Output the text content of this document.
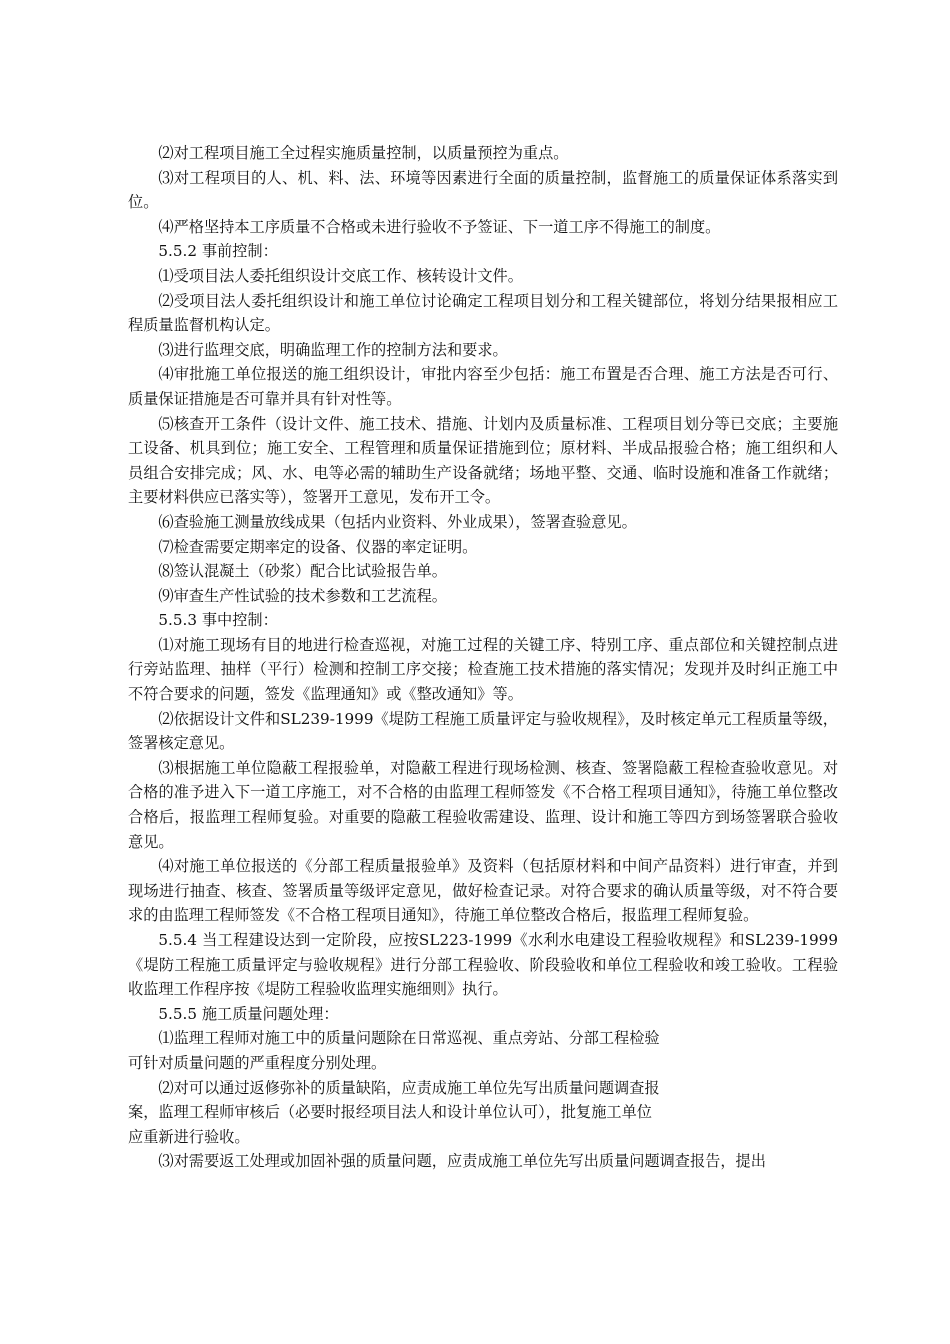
⑵对工程项目施工全过程实施质量控制，以质量预控为重点。

⑶对工程项目的人、机、料、法、环境等因素进行全面的质量控制，监督施工的质量保证体系落实到位。

⑷严格坚持本工序质量不合格或未进行验收不予签证、下一道工序不得施工的制度。

5.5.2 事前控制：

⑴受项目法人委托组织设计交底工作、核转设计文件。

⑵受项目法人委托组织设计和施工单位讨论确定工程项目划分和工程关键部位，将划分结果报相应工程质量监督机构认定。

⑶进行监理交底，明确监理工作的控制方法和要求。

⑷审批施工单位报送的施工组织设计，审批内容至少包括：施工布置是否合理、施工方法是否可行、质量保证措施是否可靠并具有针对性等。

⑸核查开工条件（设计文件、施工技术、措施、计划内及质量标准、工程项目划分等已交底；主要施工设备、机具到位；施工安全、工程管理和质量保证措施到位；原材料、半成品报验合格；施工组织和人员组合安排完成；风、水、电等必需的辅助生产设备就绪；场地平整、交通、临时设施和准备工作就绪；主要材料供应已落实等），签署开工意见，发布开工令。

⑹查验施工测量放线成果（包括内业资料、外业成果），签署查验意见。

⑺检查需要定期率定的设备、仪器的率定证明。

⑻签认混凝土（砂浆）配合比试验报告单。

⑼审查生产性试验的技术参数和工艺流程。

5.5.3 事中控制：

⑴对施工现场有目的地进行检查巡视，对施工过程的关键工序、特别工序、重点部位和关键控制点进行旁站监理、抽样（平行）检测和控制工序交接；检查施工技术措施的落实情况；发现并及时纠正施工中不符合要求的问题，签发《监理通知》或《整改通知》等。

⑵依据设计文件和SL239-1999《堤防工程施工质量评定与验收规程》，及时核定单元工程质量等级，签署核定意见。

⑶根据施工单位隐蔽工程报验单，对隐蔽工程进行现场检测、核查、签署隐蔽工程检查验收意见。对合格的准予进入下一道工序施工，对不合格的由监理工程师签发《不合格工程项目通知》，待施工单位整改合格后，报监理工程师复验。对重要的隐蔽工程验收需建设、监理、设计和施工等四方到场签署联合验收意见。

⑷对施工单位报送的《分部工程质量报验单》及资料（包括原材料和中间产品资料）进行审查，并到现场进行抽查、核查、签署质量等级评定意见，做好检查记录。对符合要求的确认质量等级，对不符合要求的由监理工程师签发《不合格工程项目通知》，待施工单位整改合格后，报监理工程师复验。

5.5.4 当工程建设达到一定阶段，应按SL223-1999《水利水电建设工程验收规程》和SL239-1999《堤防工程施工质量评定与验收规程》进行分部工程验收、阶段验收和单位工程验收和竣工验收。工程验收监理工作程序按《堤防工程验收监理实施细则》执行。

5.5.5 施工质量问题处理：

⑴监理工程师对施工中的质量问题除在日常巡视、重点旁站、分部工程检验

可针对质量问题的严重程度分别处理。

⑵对可以通过返修弥补的质量缺陷，应责成施工单位先写出质量问题调查报

案，监理工程师审核后（必要时报经项目法人和设计单位认可），批复施工单位

应重新进行验收。

⑶对需要返工处理或加固补强的质量问题，应责成施工单位先写出质量问题调查报告，提出
